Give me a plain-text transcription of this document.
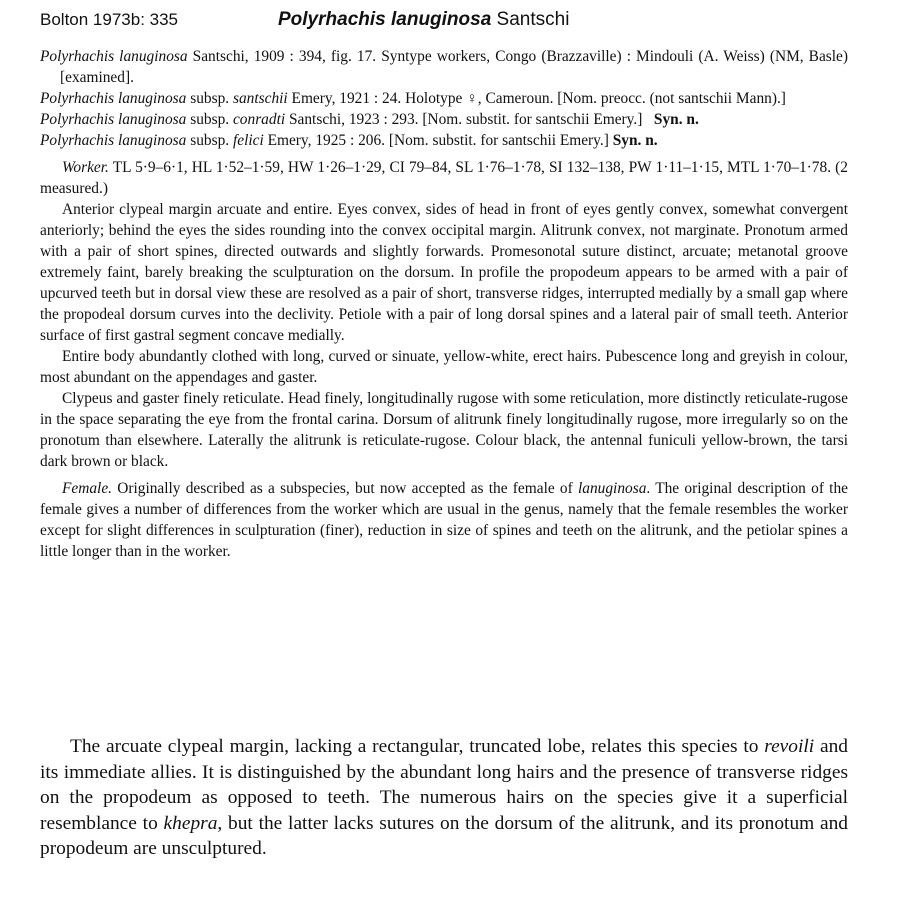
Bolton 1973b: 335	Polyrhachis lanuginosa Santschi

Polyrhachis lanuginosa Santschi, 1909 : 394, fig. 17. Syntype workers, Congo (Brazzaville) : Mindouli (A. Weiss) (NM, Basle) [examined].

Polyrhachis lanuginosa subsp. santschii Emery, 1921 : 24. Holotype ♀, Cameroun. [Nom. preocc. (not santschii Mann).]

Polyrhachis lanuginosa subsp. conradti Santschi, 1923 : 293. [Nom. substit. for santschii Emery.] Syn. n.

Polyrhachis lanuginosa subsp. felici Emery, 1925 : 206. [Nom. substit. for santschii Emery.] Syn. n.

Worker. TL 5·9–6·1, HL 1·52–1·59, HW 1·26–1·29, CI 79–84, SL 1·76–1·78, SI 132–138, PW 1·11–1·15, MTL 1·70–1·78. (2 measured.)

Anterior clypeal margin arcuate and entire. Eyes convex, sides of head in front of eyes gently convex, somewhat convergent anteriorly; behind the eyes the sides rounding into the convex occipital margin. Alitrunk convex, not marginate. Pronotum armed with a pair of short spines, directed outwards and slightly forwards. Promesonotal suture distinct, arcuate; metanotal groove extremely faint, barely breaking the sculpturation on the dorsum. In profile the propodeum appears to be armed with a pair of upcurved teeth but in dorsal view these are resolved as a pair of short, transverse ridges, interrupted medially by a small gap where the propodeal dorsum curves into the declivity. Petiole with a pair of long dorsal spines and a lateral pair of small teeth. Anterior surface of first gastral segment concave medially.

Entire body abundantly clothed with long, curved or sinuate, yellow-white, erect hairs. Pubescence long and greyish in colour, most abundant on the appendages and gaster.

Clypeus and gaster finely reticulate. Head finely, longitudinally rugose with some reticulation, more distinctly reticulate-rugose in the space separating the eye from the frontal carina. Dorsum of alitrunk finely longitudinally rugose, more irregularly so on the pronotum than elsewhere. Laterally the alitrunk is reticulate-rugose. Colour black, the antennal funiculi yellow-brown, the tarsi dark brown or black.

Female. Originally described as a subspecies, but now accepted as the female of lanuginosa. The original description of the female gives a number of differences from the worker which are usual in the genus, namely that the female resembles the worker except for slight differences in sculpturation (finer), reduction in size of spines and teeth on the alitrunk, and the petiolar spines a little longer than in the worker.

The arcuate clypeal margin, lacking a rectangular, truncated lobe, relates this species to revoili and its immediate allies. It is distinguished by the abundant long hairs and the presence of transverse ridges on the propodeum as opposed to teeth. The numerous hairs on the species give it a superficial resemblance to khepra, but the latter lacks sutures on the dorsum of the alitrunk, and its pronotum and propodeum are unsculptured.
